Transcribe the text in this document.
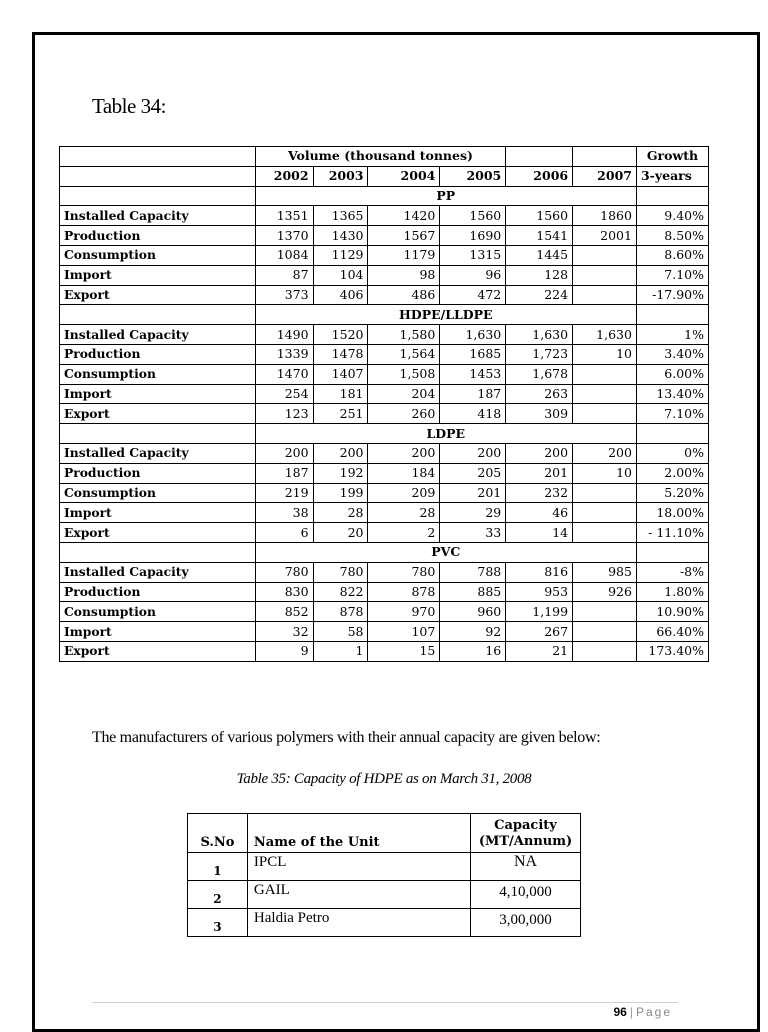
Table 34:
	Volume (thousand tonnes)						Growth
	2002	2003	2004	2005	2006	2007	3-years
	PP						
Installed Capacity	1351	1365	1420	1560	1560	1860	9.40%
Production	1370	1430	1567	1690	1541	2001	8.50%
Consumption	1084	1129	1179	1315	1445		8.60%
Import	87	104	98	96	128		7.10%
Export	373	406	486	472	224		-17.90%
	HDPE/LLDPE						
Installed Capacity	1490	1520	1,580	1,630	1,630	1,630	1%
Production	1339	1478	1,564	1685	1,723	10	3.40%
Consumption	1470	1407	1,508	1453	1,678		6.00%
Import	254	181	204	187	263		13.40%
Export	123	251	260	418	309		7.10%
	LDPE						
Installed Capacity	200	200	200	200	200	200	0%
Production	187	192	184	205	201	10	2.00%
Consumption	219	199	209	201	232		5.20%
Import	38	28	28	29	46		18.00%
Export	6	20	2	33	14		- 11.10%
	PVC						
Installed Capacity	780	780	780	788	816	985	-8%
Production	830	822	878	885	953	926	1.80%
Consumption	852	878	970	960	1,199		10.90%
Import	32	58	107	92	267		66.40%
Export	9	1	15	16	21		173.40%
The manufacturers of various polymers with their annual capacity are given below:
Table 35: Capacity of HDPE as on March 31, 2008
S.No	Name of the Unit	Capacity
(MT/Annum)
1	IPCL	NA
2	GAIL	4,10,000
3	Haldia Petro	3,00,000
96 | Page
